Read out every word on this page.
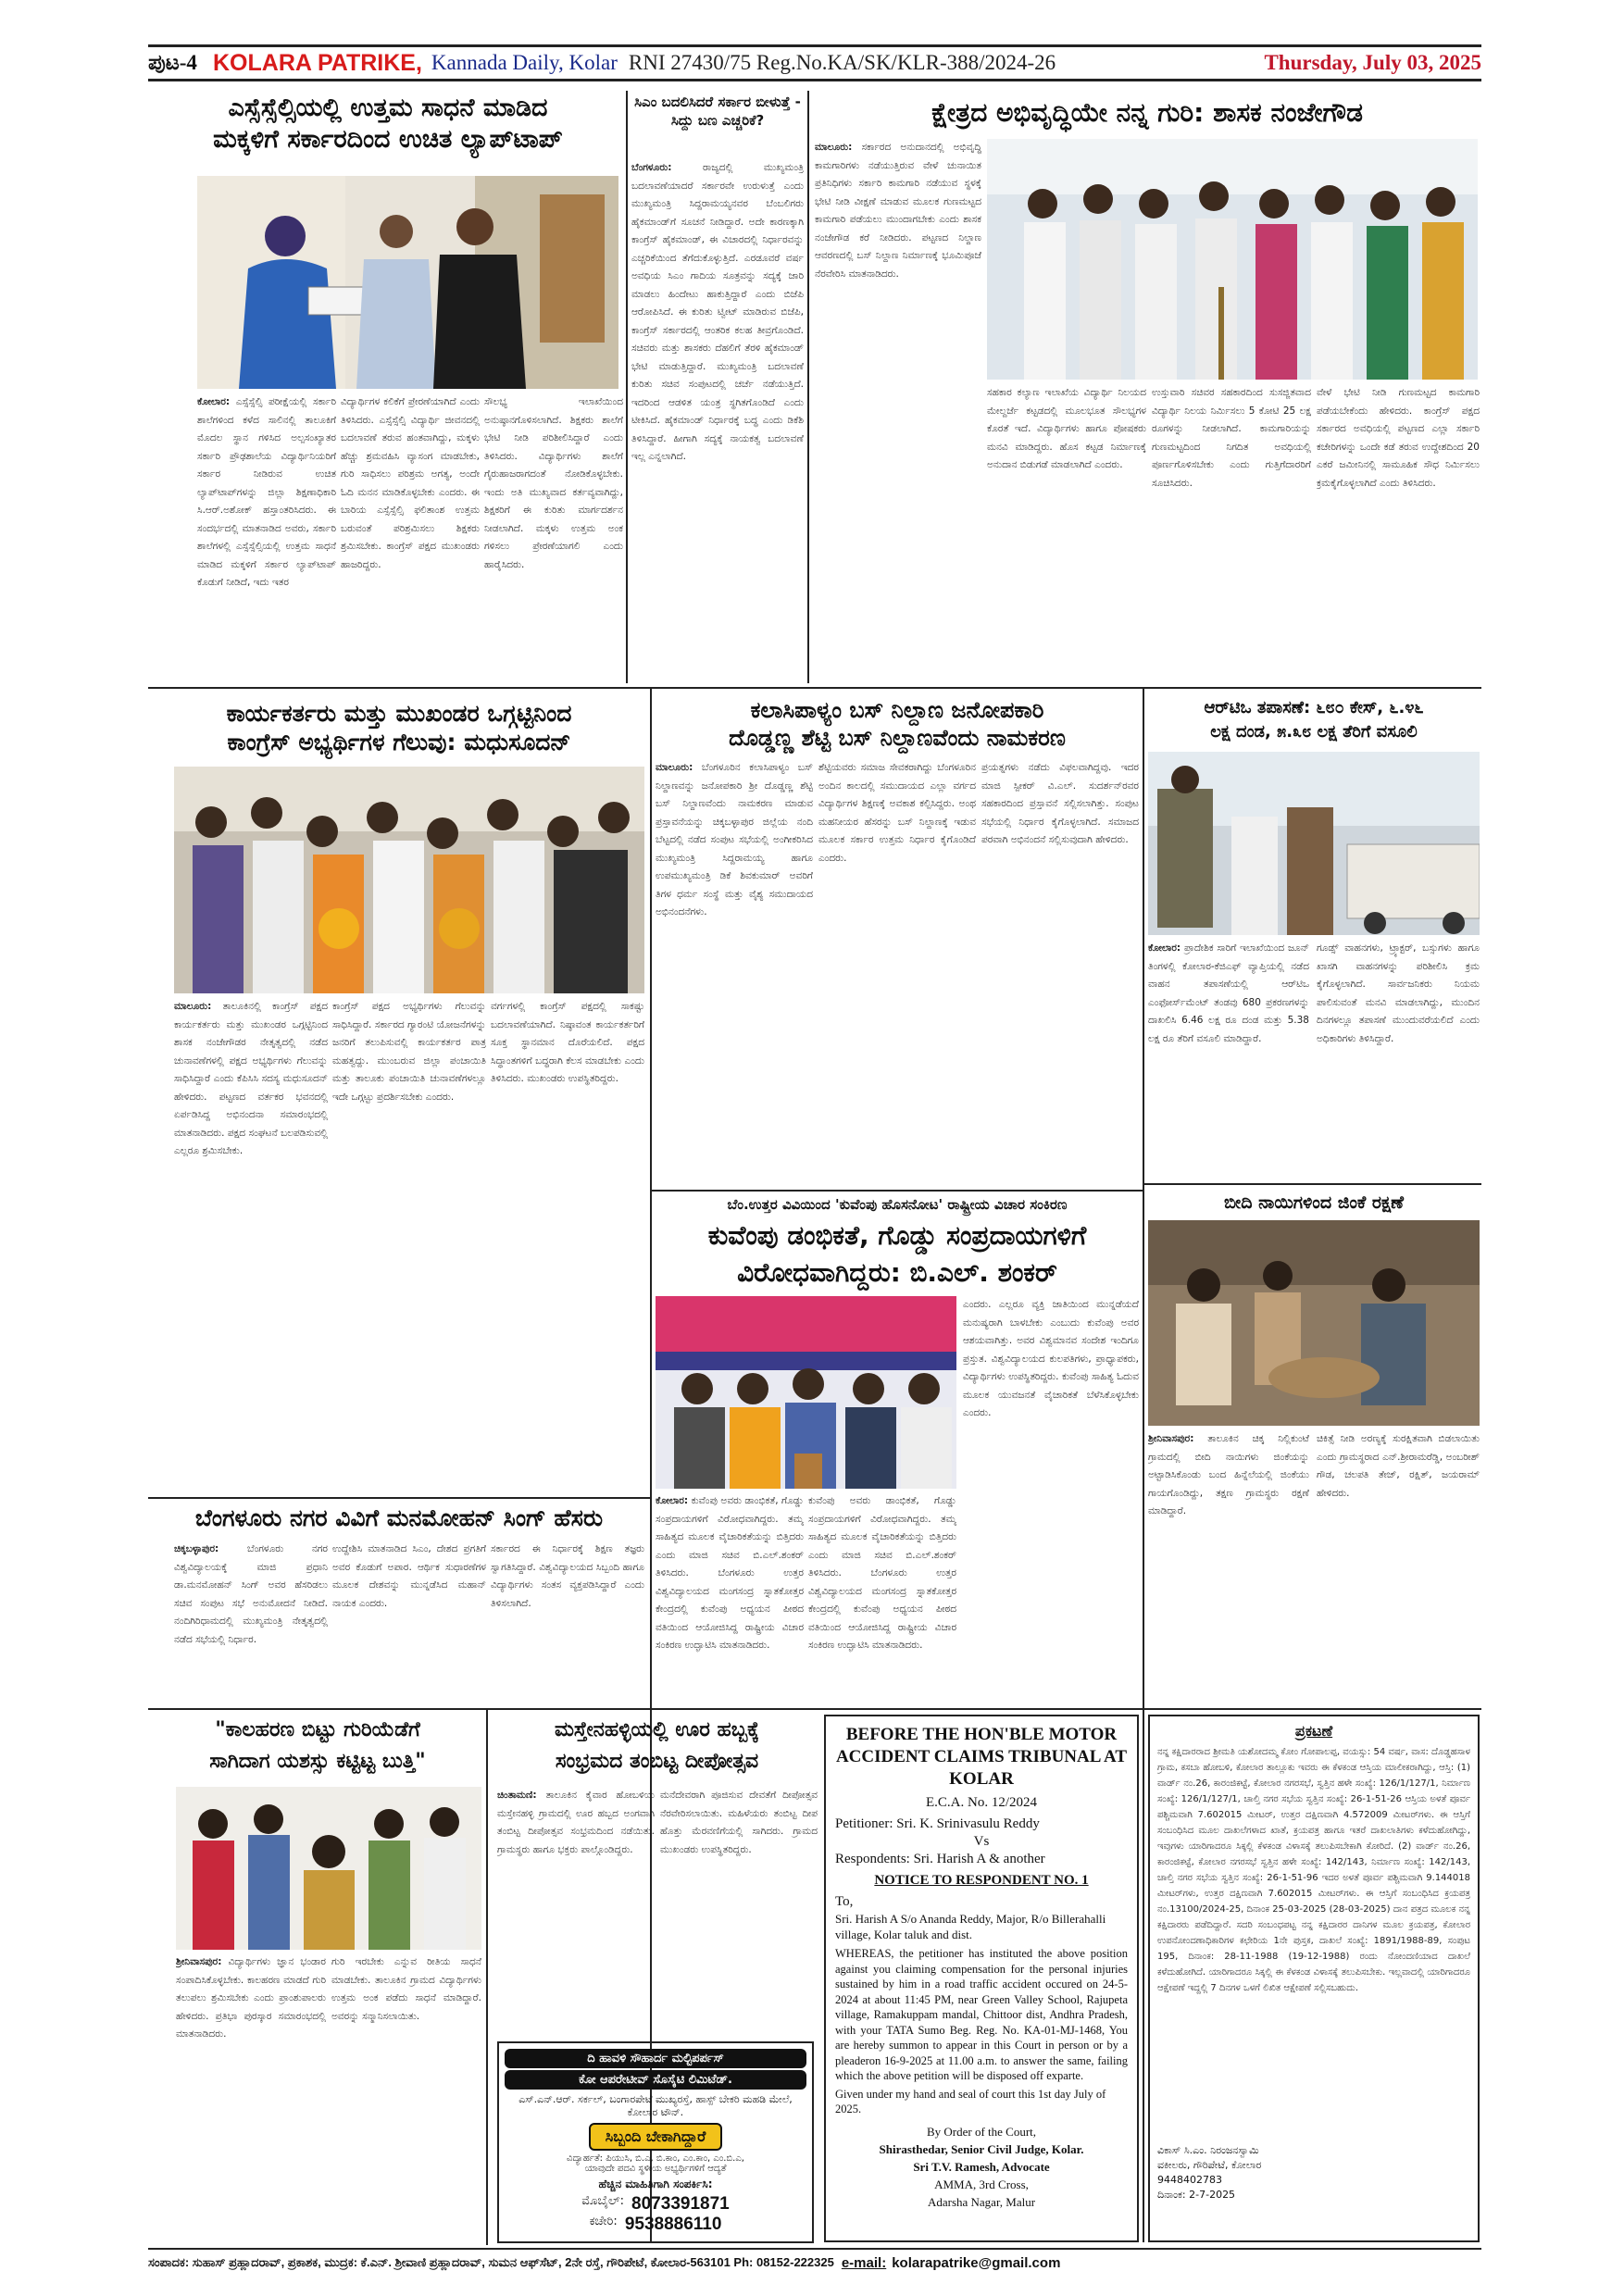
ಪುಟ-4 KOLARA PATRIKE, Kannada Daily, Kolar RNI 27430/75 Reg.No.KA/SK/KLR-388/2024-26	Thursday, July 03, 2025
ಎಸ್ಸೆಸ್ಸೆಲ್ಸಿಯಲ್ಲಿ ಉತ್ತಮ ಸಾಧನೆ ಮಾಡಿದ
ಮಕ್ಕಳಿಗೆ ಸರ್ಕಾರದಿಂದ ಉಚಿತ ಲ್ಯಾಪ್‌ಟಾಪ್
ಕೋಲಾರ: ಎಸ್ಸೆಸ್ಸೆಲ್ಸಿ ಪರೀಕ್ಷೆಯಲ್ಲಿ ಸರ್ಕಾರಿ ಶಾಲೆಗಳಿಂದ ಕಳೆದ ಸಾಲಿನಲ್ಲಿ ತಾಲೂಕಿಗೆ ಮೊದಲ ಸ್ಥಾನ ಗಳಿಸಿದ ಅಲ್ಪಸಂಖ್ಯಾತರ ಸರ್ಕಾರಿ ಪ್ರೌಢಶಾಲೆಯ ವಿದ್ಯಾರ್ಥಿನಿಯರಿಗೆ ಸರ್ಕಾರ ನೀಡಿರುವ ಉಚಿತ ಲ್ಯಾಪ್‌ಟಾಪ್‌ಗಳನ್ನು ಜಿಲ್ಲಾ ಶಿಕ್ಷಣಾಧಿಕಾರಿ ಸಿ.ಆರ್.ಅಶೋಕ್ ಹಸ್ತಾಂತರಿಸಿದರು. ಈ ಸಂದರ್ಭದಲ್ಲಿ ಮಾತನಾಡಿದ ಅವರು, ಸರ್ಕಾರಿ ಶಾಲೆಗಳಲ್ಲಿ ಎಸ್ಸೆಸ್ಸೆಲ್ಸಿಯಲ್ಲಿ ಉತ್ತಮ ಸಾಧನೆ ಮಾಡಿದ ಮಕ್ಕಳಿಗೆ ಸರ್ಕಾರ ಲ್ಯಾಪ್‌ಟಾಪ್ ಕೊಡುಗೆ ನೀಡಿದೆ, ಇದು ಇತರ
ವಿದ್ಯಾರ್ಥಿಗಳ ಕಲಿಕೆಗೆ ಪ್ರೇರಣೆಯಾಗಿದೆ ಎಂದು ತಿಳಿಸಿದರು. ಎಸ್ಸೆಸ್ಸೆಲ್ಸಿ ವಿದ್ಯಾರ್ಥಿ ಜೀವನದಲ್ಲಿ ಬದಲಾವಣೆ ತರುವ ಹಂತವಾಗಿದ್ದು, ಮಕ್ಕಳು ಹೆಚ್ಚು ಶ್ರಮವಹಿಸಿ ವ್ಯಾಸಂಗ ಮಾಡಬೇಕು, ಗುರಿ ಸಾಧಿಸಲು ಪರಿಶ್ರಮ ಅಗತ್ಯ, ಅಂದೇ ಓದಿ ಮನನ ಮಾಡಿಕೊಳ್ಳಬೇಕು ಎಂದರು. ಈ ಬಾರಿಯ ಎಸ್ಸೆಸ್ಸೆಲ್ಸಿ ಫಲಿತಾಂಶ ಉತ್ತಮ ಬರುವಂತೆ ಪರಿಶ್ರಮಿಸಲು ಶಿಕ್ಷಕರು ಶ್ರಮಿಸಬೇಕು. ಕಾಂಗ್ರೆಸ್ ಪಕ್ಷದ ಮುಖಂಡರು ಹಾಜರಿದ್ದರು.
ಸೌಲಭ್ಯ ಇಲಾಖೆಯಿಂದ ಅನುಷ್ಠಾನಗೊಳಿಸಲಾಗಿದೆ. ಶಿಕ್ಷಕರು ಶಾಲೆಗೆ ಭೇಟಿ ನೀಡಿ ಪರಿಶೀಲಿಸಿದ್ದಾರೆ ಎಂದು ತಿಳಿಸಿದರು. ವಿದ್ಯಾರ್ಥಿಗಳು ಶಾಲೆಗೆ ಗೈರುಹಾಜರಾಗದಂತೆ ನೋಡಿಕೊಳ್ಳಬೇಕು. ಇಂದು ಅತಿ ಮುಖ್ಯವಾದ ಕರ್ತವ್ಯವಾಗಿದ್ದು, ಶಿಕ್ಷಕರಿಗೆ ಈ ಕುರಿತು ಮಾರ್ಗದರ್ಶನ ನೀಡಲಾಗಿದೆ. ಮಕ್ಕಳು ಉತ್ತಮ ಅಂಕ ಗಳಿಸಲು ಪ್ರೇರಣೆಯಾಗಲಿ ಎಂದು ಹಾರೈಸಿದರು.
ಸಿಎಂ ಬದಲಿಸಿದರೆ ಸರ್ಕಾರ ಬೀಳುತ್ತೆ - ಸಿದ್ದು ಬಣ ಎಚ್ಚರಿಕೆ?
ಬೆಂಗಳೂರು:	ರಾಜ್ಯದಲ್ಲಿ ಮುಖ್ಯಮಂತ್ರಿ ಬದಲಾವಣೆಯಾದರೆ ಸರ್ಕಾರವೇ ಉರುಳುತ್ತೆ ಎಂದು ಮುಖ್ಯಮಂತ್ರಿ ಸಿದ್ದರಾಮಯ್ಯನವರ ಬೆಂಬಲಿಗರು ಹೈಕಮಾಂಡ್‌ಗೆ ಸೂಚನೆ ನೀಡಿದ್ದಾರೆ. ಅದೇ ಕಾರಣಕ್ಕಾಗಿ ಕಾಂಗ್ರೆಸ್ ಹೈಕಮಾಂಡ್, ಈ ವಿಚಾರದಲ್ಲಿ ನಿರ್ಧಾರವನ್ನು ಎಚ್ಚರಿಕೆಯಿಂದ ತೆಗೆದುಕೊಳ್ಳುತ್ತಿದೆ. ಎರಡೂವರೆ ವರ್ಷ ಅವಧಿಯ ಸಿಎಂ ಗಾದಿಯ ಸೂತ್ರವನ್ನು ಸದ್ಯಕ್ಕೆ ಜಾರಿ ಮಾಡಲು ಹಿಂದೇಟು ಹಾಕುತ್ತಿದ್ದಾರೆ ಎಂದು ಬಿಜೆಪಿ ಆರೋಪಿಸಿದೆ. ಈ ಕುರಿತು ಟ್ವೀಟ್ ಮಾಡಿರುವ ಬಿಜೆಪಿ, ಕಾಂಗ್ರೆಸ್ ಸರ್ಕಾರದಲ್ಲಿ ಆಂತರಿಕ ಕಲಹ ತೀವ್ರಗೊಂಡಿದೆ. ಸಚಿವರು ಮತ್ತು ಶಾಸಕರು ದೆಹಲಿಗೆ ತೆರಳಿ ಹೈಕಮಾಂಡ್ ಭೇಟಿ ಮಾಡುತ್ತಿದ್ದಾರೆ. ಮುಖ್ಯಮಂತ್ರಿ ಬದಲಾವಣೆ ಕುರಿತು ಸಚಿವ ಸಂಪುಟದಲ್ಲಿ ಚರ್ಚೆ ನಡೆಯುತ್ತಿದೆ. ಇದರಿಂದ ಆಡಳಿತ ಯಂತ್ರ ಸ್ಥಗಿತಗೊಂಡಿದೆ ಎಂದು ಟೀಕಿಸಿದೆ. ಹೈಕಮಾಂಡ್ ನಿರ್ಧಾರಕ್ಕೆ ಬದ್ಧ ಎಂದು ಡಿಕೆಶಿ ತಿಳಿಸಿದ್ದಾರೆ. ಹೀಗಾಗಿ ಸದ್ಯಕ್ಕೆ ನಾಯಕತ್ವ ಬದಲಾವಣೆ ಇಲ್ಲ ಎನ್ನಲಾಗಿದೆ.
ಕ್ಷೇತ್ರದ ಅಭಿವೃದ್ಧಿಯೇ ನನ್ನ ಗುರಿ: ಶಾಸಕ ನಂಜೇಗೌಡ
ಮಾಲೂರು: ಸರ್ಕಾರದ ಅನುದಾನದಲ್ಲಿ ಅಭಿವೃದ್ಧಿ ಕಾಮಗಾರಿಗಳು ನಡೆಯುತ್ತಿರುವ ವೇಳೆ ಚುನಾಯಿತ ಪ್ರತಿನಿಧಿಗಳು ಸರ್ಕಾರಿ ಕಾಮಗಾರಿ ನಡೆಯುವ ಸ್ಥಳಕ್ಕೆ ಭೇಟಿ ನೀಡಿ ವೀಕ್ಷಣೆ ಮಾಡುವ ಮೂಲಕ ಗುಣಮಟ್ಟದ ಕಾಮಗಾರಿ ಪಡೆಯಲು ಮುಂದಾಗಬೇಕು ಎಂದು ಶಾಸಕ ನಂಜೇಗೌಡ ಕರೆ ನೀಡಿದರು. ಪಟ್ಟಣದ ನಿಲ್ದಾಣ ಆವರಣದಲ್ಲಿ ಬಸ್ ನಿಲ್ದಾಣ ನಿರ್ಮಾಣಕ್ಕೆ ಭೂಮಿಪೂಜೆ ನೆರವೇರಿಸಿ ಮಾತನಾಡಿದರು.
ಸಹಕಾರ ಕಲ್ಯಾಣ ಇಲಾಖೆಯ ವಿದ್ಯಾರ್ಥಿ ನಿಲಯದ ಮೇಲ್ದರ್ಜೆ ಕಟ್ಟಡದಲ್ಲಿ ಮೂಲಭೂತ ಸೌಲಭ್ಯಗಳ ಕೊರತೆ ಇದೆ. ವಿದ್ಯಾರ್ಥಿಗಳು ಹಾಗೂ ಪೋಷಕರು ಮನವಿ ಮಾಡಿದ್ದರು. ಹೊಸ ಕಟ್ಟಡ ನಿರ್ಮಾಣಕ್ಕೆ ಅನುದಾನ ಬಿಡುಗಡೆ ಮಾಡಲಾಗಿದೆ ಎಂದರು.
ಉಸ್ತುವಾರಿ ಸಚಿವರ ಸಹಕಾರದಿಂದ ಸುಸಜ್ಜಿತವಾದ ವಿದ್ಯಾರ್ಥಿ ನಿಲಯ ನಿರ್ಮಿಸಲು 5 ಕೋಟಿ 25 ಲಕ್ಷ ರೂಗಳನ್ನು ನೀಡಲಾಗಿದೆ. ಕಾಮಗಾರಿಯನ್ನು ಗುಣಮಟ್ಟದಿಂದ ನಿಗದಿತ ಅವಧಿಯಲ್ಲಿ ಪೂರ್ಣಗೊಳಿಸಬೇಕು ಎಂದು ಗುತ್ತಿಗೆದಾರರಿಗೆ ಸೂಚಿಸಿದರು.
ವೇಳೆ ಭೇಟಿ ನೀಡಿ ಗುಣಮಟ್ಟದ ಕಾಮಗಾರಿ ಪಡೆಯಬೇಕೆಂದು ಹೇಳಿದರು. ಕಾಂಗ್ರೆಸ್ ಪಕ್ಷದ ಸರ್ಕಾರದ ಅವಧಿಯಲ್ಲಿ ಪಟ್ಟಣದ ಎಲ್ಲಾ ಸರ್ಕಾರಿ ಕಚೇರಿಗಳನ್ನು ಒಂದೇ ಕಡೆ ತರುವ ಉದ್ದೇಶದಿಂದ 20 ಎಕರೆ ಜಮೀನಿನಲ್ಲಿ ಸಾಮೂಹಿಕ ಸೌಧ ನಿರ್ಮಿಸಲು ಕ್ರಮಕೈಗೊಳ್ಳಲಾಗಿದೆ ಎಂದು ತಿಳಿಸಿದರು.
ಕಾರ್ಯಕರ್ತರು ಮತ್ತು ಮುಖಂಡರ ಒಗ್ಗಟ್ಟಿನಿಂದ
ಕಾಂಗ್ರೆಸ್ ಅಭ್ಯರ್ಥಿಗಳ ಗೆಲುವು: ಮಧುಸೂದನ್
ಮಾಲೂರು: ತಾಲೂಕಿನಲ್ಲಿ ಕಾಂಗ್ರೆಸ್ ಪಕ್ಷದ ಕಾರ್ಯಕರ್ತರು ಮತ್ತು ಮುಖಂಡರ ಒಗ್ಗಟ್ಟಿನಿಂದ ಶಾಸಕ ನಂಜೇಗೌಡರ ನೇತೃತ್ವದಲ್ಲಿ ನಡೆದ ಚುನಾವಣೆಗಳಲ್ಲಿ ಪಕ್ಷದ ಅಭ್ಯರ್ಥಿಗಳು ಗೆಲುವನ್ನು ಸಾಧಿಸಿದ್ದಾರೆ ಎಂದು ಕೆಪಿಸಿಸಿ ಸದಸ್ಯ ಮಧುಸೂದನ್ ಹೇಳಿದರು. ಪಟ್ಟಣದ ವರ್ತಕರ ಭವನದಲ್ಲಿ ಏರ್ಪಡಿಸಿದ್ದ ಅಭಿನಂದನಾ ಸಮಾರಂಭದಲ್ಲಿ ಮಾತನಾಡಿದರು. ಪಕ್ಷದ ಸಂಘಟನೆ ಬಲಪಡಿಸುವಲ್ಲಿ ಎಲ್ಲರೂ ಶ್ರಮಿಸಬೇಕು.
ಕಾಂಗ್ರೆಸ್ ಪಕ್ಷದ ಅಭ್ಯರ್ಥಿಗಳು ಗೆಲುವನ್ನು ಸಾಧಿಸಿದ್ದಾರೆ. ಸರ್ಕಾರದ ಗ್ಯಾರಂಟಿ ಯೋಜನೆಗಳನ್ನು ಜನರಿಗೆ ತಲುಪಿಸುವಲ್ಲಿ ಕಾರ್ಯಕರ್ತರ ಪಾತ್ರ ಮಹತ್ವದ್ದು. ಮುಂಬರುವ ಜಿಲ್ಲಾ ಪಂಚಾಯಿತಿ ಮತ್ತು ತಾಲೂಕು ಪಂಚಾಯಿತಿ ಚುನಾವಣೆಗಳಲ್ಲೂ ಇದೇ ಒಗ್ಗಟ್ಟು ಪ್ರದರ್ಶಿಸಬೇಕು ಎಂದರು.
ವರ್ಗಗಳಲ್ಲಿ ಕಾಂಗ್ರೆಸ್ ಪಕ್ಷದಲ್ಲಿ ಸಾಕಷ್ಟು ಬದಲಾವಣೆಯಾಗಿದೆ. ನಿಷ್ಠಾವಂತ ಕಾರ್ಯಕರ್ತರಿಗೆ ಸೂಕ್ತ ಸ್ಥಾನಮಾನ ದೊರೆಯಲಿದೆ. ಪಕ್ಷದ ಸಿದ್ಧಾಂತಗಳಿಗೆ ಬದ್ಧರಾಗಿ ಕೆಲಸ ಮಾಡಬೇಕು ಎಂದು ತಿಳಿಸಿದರು. ಮುಖಂಡರು ಉಪಸ್ಥಿತರಿದ್ದರು.
ಕಲಾಸಿಪಾಳ್ಯಂ ಬಸ್ ನಿಲ್ದಾಣ ಜನೋಪಕಾರಿ
ದೊಡ್ಡಣ್ಣ ಶೆಟ್ಟಿ ಬಸ್ ನಿಲ್ದಾಣವೆಂದು ನಾಮಕರಣ
ಮಾಲೂರು: ಬೆಂಗಳೂರಿನ ಕಲಾಸಿಪಾಳ್ಯಂ ಬಸ್ ನಿಲ್ದಾಣವನ್ನು ಜನೋಪಕಾರಿ ಶ್ರೀ ದೊಡ್ಡಣ್ಣ ಶೆಟ್ಟಿ ಬಸ್ ನಿಲ್ದಾಣವೆಂದು ನಾಮಕರಣ ಮಾಡುವ ಪ್ರಸ್ತಾವನೆಯನ್ನು ಚಿಕ್ಕಬಳ್ಳಾಪುರ ಜಿಲ್ಲೆಯ ನಂದಿ ಬೆಟ್ಟದಲ್ಲಿ ನಡೆದ ಸಂಪುಟ ಸಭೆಯಲ್ಲಿ ಅಂಗೀಕರಿಸಿದ ಮುಖ್ಯಮಂತ್ರಿ ಸಿದ್ದರಾಮಯ್ಯ ಹಾಗೂ ಉಪಮುಖ್ಯಮಂತ್ರಿ ಡಿಕೆ ಶಿವಕುಮಾರ್ ಅವರಿಗೆ ತಿಗಳ ಧರ್ಮ ಸಂಸ್ಥೆ ಮತ್ತು ವೈಶ್ಯ ಸಮುದಾಯದ ಅಭಿನಂದನೆಗಳು.
ಶೆಟ್ಟಿಯವರು ಸಮಾಜ ಸೇವಕರಾಗಿದ್ದು ಬೆಂಗಳೂರಿನ ಅಂದಿನ ಕಾಲದಲ್ಲಿ ಸಮುದಾಯದ ಎಲ್ಲಾ ವರ್ಗದ ವಿದ್ಯಾರ್ಥಿಗಳ ಶಿಕ್ಷಣಕ್ಕೆ ಅವಕಾಶ ಕಲ್ಪಿಸಿದ್ದರು. ಅಂಥ ಮಹನೀಯರ ಹೆಸರನ್ನು ಬಸ್ ನಿಲ್ದಾಣಕ್ಕೆ ಇಡುವ ಮೂಲಕ ಸರ್ಕಾರ ಉತ್ತಮ ನಿರ್ಧಾರ ಕೈಗೊಂಡಿದೆ ಎಂದರು.
ಪ್ರಯತ್ನಗಳು ನಡೆದು ವಿಫಲವಾಗಿದ್ದವು. ಇದರ ಮಾಜಿ ಸ್ಪೀಕರ್ ವಿ.ಎಲ್. ಸುದರ್ಶನ್‌ರವರ ಸಹಕಾರದಿಂದ ಪ್ರಸ್ತಾವನೆ ಸಲ್ಲಿಸಲಾಗಿತ್ತು. ಸಂಪುಟ ಸಭೆಯಲ್ಲಿ ನಿರ್ಧಾರ ಕೈಗೊಳ್ಳಲಾಗಿದೆ. ಸಮಾಜದ ಪರವಾಗಿ ಅಭಿನಂದನೆ ಸಲ್ಲಿಸುವುದಾಗಿ ಹೇಳಿದರು.
ಆರ್‌ಟಿಒ ತಪಾಸಣೆ: ೬೮೦ ಕೇಸ್, ೬.೪೬
ಲಕ್ಷ ದಂಡ, ೫.೩೮ ಲಕ್ಷ ತೆರಿಗೆ ವಸೂಲಿ
ಕೋಲಾರ: ಪ್ರಾದೇಶಿಕ ಸಾರಿಗೆ ಇಲಾಖೆಯಿಂದ ಜೂನ್ ತಿಂಗಳಲ್ಲಿ ಕೋಲಾರ-ಕೆಜಿಎಫ್ ವ್ಯಾಪ್ತಿಯಲ್ಲಿ ನಡೆದ ವಾಹನ ತಪಾಸಣೆಯಲ್ಲಿ ಆರ್‌ಟಿಒ ಎಂಫೋರ್ಸ್‌ಮೆಂಟ್ ತಂಡವು 680 ಪ್ರಕರಣಗಳನ್ನು ದಾಖಲಿಸಿ 6.46 ಲಕ್ಷ ರೂ ದಂಡ ಮತ್ತು 5.38 ಲಕ್ಷ ರೂ ತೆರಿಗೆ ವಸೂಲಿ ಮಾಡಿದ್ದಾರೆ.
ಗೂಡ್ಸ್ ವಾಹನಗಳು, ಟ್ರ್ಯಾಕ್ಟರ್, ಬಸ್ಸುಗಳು ಹಾಗೂ ಖಾಸಗಿ ವಾಹನಗಳನ್ನು ಪರಿಶೀಲಿಸಿ ಕ್ರಮ ಕೈಗೊಳ್ಳಲಾಗಿದೆ. ಸಾರ್ವಜನಿಕರು ನಿಯಮ ಪಾಲಿಸುವಂತೆ ಮನವಿ ಮಾಡಲಾಗಿದ್ದು, ಮುಂದಿನ ದಿನಗಳಲ್ಲೂ ತಪಾಸಣೆ ಮುಂದುವರೆಯಲಿದೆ ಎಂದು ಅಧಿಕಾರಿಗಳು ತಿಳಿಸಿದ್ದಾರೆ.
ಬೆಂ.ಉತ್ತರ ವಿವಿಯಿಂದ 'ಕುವೆಂಪು ಹೊಸನೋಟ' ರಾಷ್ಟ್ರೀಯ ವಿಚಾರ ಸಂಕಿರಣ
ಕುವೆಂಪು ಡಂಭಿಕತೆ, ಗೊಡ್ಡು ಸಂಪ್ರದಾಯಗಳಿಗೆ
ವಿರೋಧವಾಗಿದ್ದರು: ಬಿ.ಎಲ್. ಶಂಕರ್
ಎಂದರು. ಎಲ್ಲರೂ ವ್ಯಕ್ತಿ ಜಾತಿಯಿಂದ ಮುನ್ನಡೆಯದೆ ಮನುಷ್ಯರಾಗಿ ಬಾಳಬೇಕು ಎಂಬುದು ಕುವೆಂಪು ಅವರ ಆಶಯವಾಗಿತ್ತು. ಅವರ ವಿಶ್ವಮಾನವ ಸಂದೇಶ ಇಂದಿಗೂ ಪ್ರಸ್ತುತ. ವಿಶ್ವವಿದ್ಯಾಲಯದ ಕುಲಪತಿಗಳು, ಪ್ರಾಧ್ಯಾಪಕರು, ವಿದ್ಯಾರ್ಥಿಗಳು ಉಪಸ್ಥಿತರಿದ್ದರು. ಕುವೆಂಪು ಸಾಹಿತ್ಯ ಓದುವ ಮೂಲಕ ಯುವಜನತೆ ವೈಚಾರಿಕತೆ ಬೆಳೆಸಿಕೊಳ್ಳಬೇಕು ಎಂದರು.
ಕೋಲಾರ: ಕುವೆಂಪು ಅವರು ಡಾಂಭಿಕತೆ, ಗೊಡ್ಡು ಸಂಪ್ರದಾಯಗಳಿಗೆ ವಿರೋಧವಾಗಿದ್ದರು. ತಮ್ಮ ಸಾಹಿತ್ಯದ ಮೂಲಕ ವೈಚಾರಿಕತೆಯನ್ನು ಬಿತ್ತಿದರು ಎಂದು ಮಾಜಿ ಸಚಿವ ಬಿ.ಎಲ್.ಶಂಕರ್ ತಿಳಿಸಿದರು. ಬೆಂಗಳೂರು ಉತ್ತರ ವಿಶ್ವವಿದ್ಯಾಲಯದ ಮಂಗಸಂದ್ರ ಸ್ನಾತಕೋತ್ತರ ಕೇಂದ್ರದಲ್ಲಿ ಕುವೆಂಪು ಅಧ್ಯಯನ ಪೀಠದ ವತಿಯಿಂದ ಆಯೋಜಿಸಿದ್ದ ರಾಷ್ಟ್ರೀಯ ವಿಚಾರ ಸಂಕಿರಣ ಉದ್ಘಾಟಿಸಿ ಮಾತನಾಡಿದರು.
ಕುವೆಂಪು ಅವರು ಡಾಂಭಿಕತೆ, ಗೊಡ್ಡು ಸಂಪ್ರದಾಯಗಳಿಗೆ ವಿರೋಧವಾಗಿದ್ದರು. ತಮ್ಮ ಸಾಹಿತ್ಯದ ಮೂಲಕ ವೈಚಾರಿಕತೆಯನ್ನು ಬಿತ್ತಿದರು ಎಂದು ಮಾಜಿ ಸಚಿವ ಬಿ.ಎಲ್.ಶಂಕರ್ ತಿಳಿಸಿದರು. ಬೆಂಗಳೂರು ಉತ್ತರ ವಿಶ್ವವಿದ್ಯಾಲಯದ ಮಂಗಸಂದ್ರ ಸ್ನಾತಕೋತ್ತರ ಕೇಂದ್ರದಲ್ಲಿ ಕುವೆಂಪು ಅಧ್ಯಯನ ಪೀಠದ ವತಿಯಿಂದ ಆಯೋಜಿಸಿದ್ದ ರಾಷ್ಟ್ರೀಯ ವಿಚಾರ ಸಂಕಿರಣ ಉದ್ಘಾಟಿಸಿ ಮಾತನಾಡಿದರು.
ಬೀದಿ ನಾಯಿಗಳಿಂದ ಜಿಂಕೆ ರಕ್ಷಣೆ
ಶ್ರೀನಿವಾಸಪುರ: ತಾಲೂಕಿನ ಚಿಕ್ಕ ನಿಲ್ಲಿಕುಂಟೆ ಗ್ರಾಮದಲ್ಲಿ ಬೀದಿ ನಾಯಿಗಳು ಜಿಂಕೆಯನ್ನು ಅಟ್ಟಾಡಿಸಿಕೊಂಡು ಬಂದ ಹಿನ್ನೆಲೆಯಲ್ಲಿ ಜಿಂಕೆಯು ಗಾಯಗೊಂಡಿದ್ದು, ತಕ್ಷಣ ಗ್ರಾಮಸ್ಥರು ರಕ್ಷಣೆ ಮಾಡಿದ್ದಾರೆ.
ಚಿಕಿತ್ಸೆ ನೀಡಿ ಅರಣ್ಯಕ್ಕೆ ಸುರಕ್ಷಿತವಾಗಿ ಬಿಡಲಾಯಿತು ಎಂದು ಗ್ರಾಮಸ್ಥರಾದ ಎನ್.ಶ್ರೀರಾಮರೆಡ್ಡಿ, ಅಂಬರೀಶ್ ಗೌಡ, ಚಲಪತಿ ತೇಜ್, ರಕ್ಷಿತ್, ಜಯರಾಮ್ ಹೇಳಿದರು.
ಬೆಂಗಳೂರು ನಗರ ವಿವಿಗೆ ಮನಮೋಹನ್ ಸಿಂಗ್ ಹೆಸರು
ಚಿಕ್ಕಬಳ್ಳಾಪುರ:	ಬೆಂಗಳೂರು ನಗರ ವಿಶ್ವವಿದ್ಯಾಲಯಕ್ಕೆ ಮಾಜಿ ಪ್ರಧಾನಿ ಡಾ.ಮನಮೋಹನ್ ಸಿಂಗ್ ಅವರ ಹೆಸರಿಡಲು ಸಚಿವ ಸಂಪುಟ ಸಭೆ ಅನುಮೋದನೆ ನೀಡಿದೆ. ನಂದಿಗಿರಿಧಾಮದಲ್ಲಿ ಮುಖ್ಯಮಂತ್ರಿ ನೇತೃತ್ವದಲ್ಲಿ ನಡೆದ ಸಭೆಯಲ್ಲಿ ನಿರ್ಧಾರ.
ಉದ್ದೇಶಿಸಿ ಮಾತನಾಡಿದ ಸಿಎಂ, ದೇಶದ ಪ್ರಗತಿಗೆ ಅವರ ಕೊಡುಗೆ ಅಪಾರ. ಆರ್ಥಿಕ ಸುಧಾರಣೆಗಳ ಮೂಲಕ ದೇಶವನ್ನು ಮುನ್ನಡೆಸಿದ ಮಹಾನ್ ನಾಯಕ ಎಂದರು.
ಸರ್ಕಾರದ ಈ ನಿರ್ಧಾರಕ್ಕೆ ಶಿಕ್ಷಣ ತಜ್ಞರು ಸ್ವಾಗತಿಸಿದ್ದಾರೆ. ವಿಶ್ವವಿದ್ಯಾಲಯದ ಸಿಬ್ಬಂದಿ ಹಾಗೂ ವಿದ್ಯಾರ್ಥಿಗಳು ಸಂತಸ ವ್ಯಕ್ತಪಡಿಸಿದ್ದಾರೆ ಎಂದು ತಿಳಿಸಲಾಗಿದೆ.
"ಕಾಲಹರಣ ಬಿಟ್ಟು ಗುರಿಯೆಡೆಗೆ
ಸಾಗಿದಾಗ ಯಶಸ್ಸು ಕಟ್ಟಿಟ್ಟ ಬುತ್ತಿ"
ಶ್ರೀನಿವಾಸಪುರ: ವಿದ್ಯಾರ್ಥಿಗಳು ಜ್ಞಾನ ಭಂಡಾರ ಸಂಪಾದಿಸಿಕೊಳ್ಳಬೇಕು. ಕಾಲಹರಣ ಮಾಡದೆ ಗುರಿ ತಲುಪಲು ಶ್ರಮಿಸಬೇಕು ಎಂದು ಪ್ರಾಂಶುಪಾಲರು ಹೇಳಿದರು. ಪ್ರತಿಭಾ ಪುರಸ್ಕಾರ ಸಮಾರಂಭದಲ್ಲಿ ಮಾತನಾಡಿದರು.
ಗುರಿ ಇರಬೇಕು ಎನ್ನುವ ರೀತಿಯ ಸಾಧನೆ ಮಾಡಬೇಕು. ತಾಲೂಕಿನ ಗ್ರಾಮದ ವಿದ್ಯಾರ್ಥಿಗಳು ಉತ್ತಮ ಅಂಕ ಪಡೆದು ಸಾಧನೆ ಮಾಡಿದ್ದಾರೆ. ಅವರನ್ನು ಸನ್ಮಾನಿಸಲಾಯಿತು.
ಮಸ್ತೇನಹಳ್ಳಿಯಲ್ಲಿ ಊರ ಹಬ್ಬಕ್ಕೆ
ಸಂಭ್ರಮದ ತಂಬಿಟ್ಟ ದೀಪೋತ್ಸವ
ಚಿಂತಾಮಣಿ: ತಾಲೂಕಿನ ಕೈವಾರ ಹೋಬಳಿಯ ಮಸ್ತೇನಹಳ್ಳಿ ಗ್ರಾಮದಲ್ಲಿ ಊರ ಹಬ್ಬದ ಅಂಗವಾಗಿ ತಂಬಿಟ್ಟ ದೀಪೋತ್ಸವ ಸಂಭ್ರಮದಿಂದ ನಡೆಯಿತು. ಗ್ರಾಮಸ್ಥರು ಹಾಗೂ ಭಕ್ತರು ಪಾಲ್ಗೊಂಡಿದ್ದರು.
ಮನೆದೇವರಾಗಿ ಪೂಜಿಸುವ ದೇವತೆಗೆ ದೀಪೋತ್ಸವ ನೆರವೇರಿಸಲಾಯಿತು. ಮಹಿಳೆಯರು ತಂಬಿಟ್ಟ ದೀಪ ಹೊತ್ತು ಮೆರವಣಿಗೆಯಲ್ಲಿ ಸಾಗಿದರು. ಗ್ರಾಮದ ಮುಖಂಡರು ಉಪಸ್ಥಿತರಿದ್ದರು.
ದಿ ಹಾವಳಿ ಸೌಹಾರ್ದ ಮಲ್ಟಿಪರ್ಪಸ್
ಕೋ ಆಪರೇಟೀವ್ ಸೊಸೈಟಿ ಲಿಮಿಟೆಡ್.
ಎಸ್.ಎನ್.ಆರ್. ಸರ್ಕಲ್, ಬಂಗಾರಪೇಟೆ ಮುಖ್ಯರಸ್ತೆ, ಹಾಸ್ಪ್ ಬೇಕರಿ ಮಹಡಿ ಮೇಲೆ, ಕೋಲಾರ ಟೌನ್.
ಸಿಬ್ಬಂದಿ ಬೇಕಾಗಿದ್ದಾರೆ
ವಿದ್ಯಾರ್ಹತೆ: ಪಿಯುಸಿ, ಬಿ.ಎ, ಬಿ.ಕಾಂ, ಎಂ.ಕಾಂ, ಎಂ.ಬಿ.ಎ,
ಯಾವುದೇ ಪದವಿ ಸ್ಥಳೀಯ ಅಭ್ಯರ್ಥಿಗಳಿಗೆ ಆದ್ಯತೆ
ಹೆಚ್ಚಿನ ಮಾಹಿತಿಗಾಗಿ ಸಂಪರ್ಕಿಸಿ:
ಮೊಬೈಲ್: 8073391871
ಕಚೇರಿ: 9538886110
BEFORE THE HON'BLE MOTOR ACCIDENT CLAIMS TRIBUNAL AT KOLAR
E.C.A. No. 12/2024
Petitioner: Sri. K. Srinivasulu Reddy
Vs
Respondents: Sri. Harish A & another
NOTICE TO RESPONDENT NO. 1
To,
Sri. Harish A S/o Ananda Reddy, Major, R/o Billerahalli village, Kolar taluk and dist.
WHEREAS, the petitioner has instituted the above position against you claiming compensation for the personal injuries sustained by him in a road traffic accident occured on 24-5-2024 at about 11:45 PM, near Green Valley School, Rajupeta village, Ramakuppam mandal, Chittoor dist, Andhra Pradesh, with your TATA Sumo Beg. Reg. No. KA-01-MJ-1468, You are hereby summon to appear in this Court in person or by a pleaderon 16-9-2025 at 11.00 a.m. to answer the same, failing which the above petition will be disposed off exparte.
Given under my hand and seal of court this 1st day July of 2025.
By Order of the Court,
Shirasthedar, Senior Civil Judge, Kolar.
Sri T.V. Ramesh, Advocate
AMMA, 3rd Cross,
Adarsha Nagar, Malur
ಪ್ರಕಟಣೆ
ನನ್ನ ಕಕ್ಷಿದಾರರಾದ ಶ್ರೀಮತಿ ಯಶೋದಮ್ಮ ಕೋಂ ಗೋಪಾಲಪ್ಪ, ವಯಸ್ಸು: 54 ವರ್ಷ, ವಾಸ: ದೊಡ್ಡಹಸಾಳ ಗ್ರಾಮ, ಕಸಬಾ ಹೋಬಳಿ, ಕೋಲಾರ ತಾಲ್ಲೂಕು ಇವರು ಈ ಕೆಳಕಂಡ ಆಸ್ತಿಯ ಮಾಲೀಕರಾಗಿದ್ದು, ಆಸ್ತಿ: (1) ವಾರ್ಡ್ ನಂ.26, ಕಾರಂಜಿಕಟ್ಟೆ, ಕೋಲಾರ ನಗರಸಭೆ, ಸ್ವತ್ತಿನ ಹಳೇ ಸಂಖ್ಯೆ: 126/1/127/1, ನಿರ್ಮಾಣ ಸಂಖ್ಯೆ: 126/1/127/1, ಚಾಲ್ತಿ ನಗರ ಸಭೆಯ ಸ್ವತ್ತಿನ ಸಂಖ್ಯೆ: 26-1-51-26 ಆಸ್ತಿಯ ಅಳತೆ ಪೂರ್ವ ಪಶ್ಚಿಮವಾಗಿ 7.602015 ಮೀಟರ್, ಉತ್ತರ ದಕ್ಷಿಣವಾಗಿ 4.572009 ಮೀಟರ್‌ಗಳು. ಈ ಆಸ್ತಿಗೆ ಸಂಬಂಧಿಸಿದ ಮೂಲ ದಾಖಲೆಗಳಾದ ಖಾತೆ, ಕ್ರಯಪತ್ರ ಹಾಗೂ ಇತರೆ ದಾಖಲಾತಿಗಳು ಕಳೆದುಹೋಗಿದ್ದು, ಇವುಗಳು ಯಾರಿಗಾದರೂ ಸಿಕ್ಕಲ್ಲಿ ಕೆಳಕಂಡ ವಿಳಾಸಕ್ಕೆ ತಲುಪಿಸಬೇಕಾಗಿ ಕೋರಿದೆ. (2) ವಾರ್ಡ್ ನಂ.26, ಕಾರಂಜಿಕಟ್ಟೆ, ಕೋಲಾರ ನಗರಸಭೆ ಸ್ವತ್ತಿನ ಹಳೇ ಸಂಖ್ಯೆ: 142/143, ನಿರ್ಮಾಣ ಸಂಖ್ಯೆ: 142/143, ಚಾಲ್ತಿ ನಗರ ಸಭೆಯ ಸ್ವತ್ತಿನ ಸಂಖ್ಯೆ: 26-1-51-96 ಇದರ ಅಳತೆ ಪೂರ್ವ ಪಶ್ಚಿಮವಾಗಿ 9.144018 ಮೀಟರ್‌ಗಳು, ಉತ್ತರ ದಕ್ಷಿಣವಾಗಿ 7.602015 ಮೀಟರ್‌ಗಳು. ಈ ಆಸ್ತಿಗೆ ಸಂಬಂಧಿಸಿದ ಕ್ರಯಪತ್ರ ನಂ.13100/2024-25, ದಿನಾಂಕ 25-03-2025 (28-03-2025) ದಾನ ಪತ್ರದ ಮೂಲಕ ನನ್ನ ಕಕ್ಷಿದಾರರು ಪಡೆದಿದ್ದಾರೆ. ಸದರಿ ಸಂಬಂಧಪಟ್ಟ ನನ್ನ ಕಕ್ಷಿದಾರರ ದಾನಿಗಳ ಮೂಲ ಕ್ರಯಪತ್ರ, ಕೋಲಾರ ಉಪನೋಂದಣಾಧಿಕಾರಿಗಳ ಕಛೇರಿಯ 1ನೇ ಪುಸ್ತಕ, ದಾಖಲೆ ಸಂಖ್ಯೆ: 1891/1988-89, ಸಂಪುಟ 195, ದಿನಾಂಕ: 28-11-1988 (19-12-1988) ರಂದು ನೋಂದಣಿಯಾದ ದಾಖಲೆ ಕಳೆದುಹೋಗಿದೆ. ಯಾರಿಗಾದರೂ ಸಿಕ್ಕಲ್ಲಿ ಈ ಕೆಳಕಂಡ ವಿಳಾಸಕ್ಕೆ ತಲುಪಿಸಬೇಕು. ಇಲ್ಲವಾದಲ್ಲಿ ಯಾರಿಗಾದರೂ ಆಕ್ಷೇಪಣೆ ಇದ್ದಲ್ಲಿ 7 ದಿನಗಳ ಒಳಗೆ ಲಿಖಿತ ಆಕ್ಷೇಪಣೆ ಸಲ್ಲಿಸಬಹುದು.
ವಿಕಾಸ್ ಸಿ.ಎಂ. ನಿರಂಜನಸ್ವಾಮಿ
ವಕೀಲರು, ಗೌರಿಪೇಟೆ, ಕೋಲಾರ
9448402783
ದಿನಾಂಕ: 2-7-2025
ಸಂಪಾದಕ: ಸುಹಾಸ್ ಪ್ರಹ್ಲಾದರಾವ್, ಪ್ರಕಾಶಕ, ಮುದ್ರಕ: ಕೆ.ಎನ್. ಶ್ರೀವಾಣಿ ಪ್ರಹ್ಲಾದರಾವ್, ಸುಮನ ಆಫ್‌ಸೆಟ್, 2ನೇ ರಸ್ತೆ, ಗೌರಿಪೇಟೆ, ಕೋಲಾರ-563101 Ph: 08152-222325 e-mail: kolarapatrike@gmail.com
